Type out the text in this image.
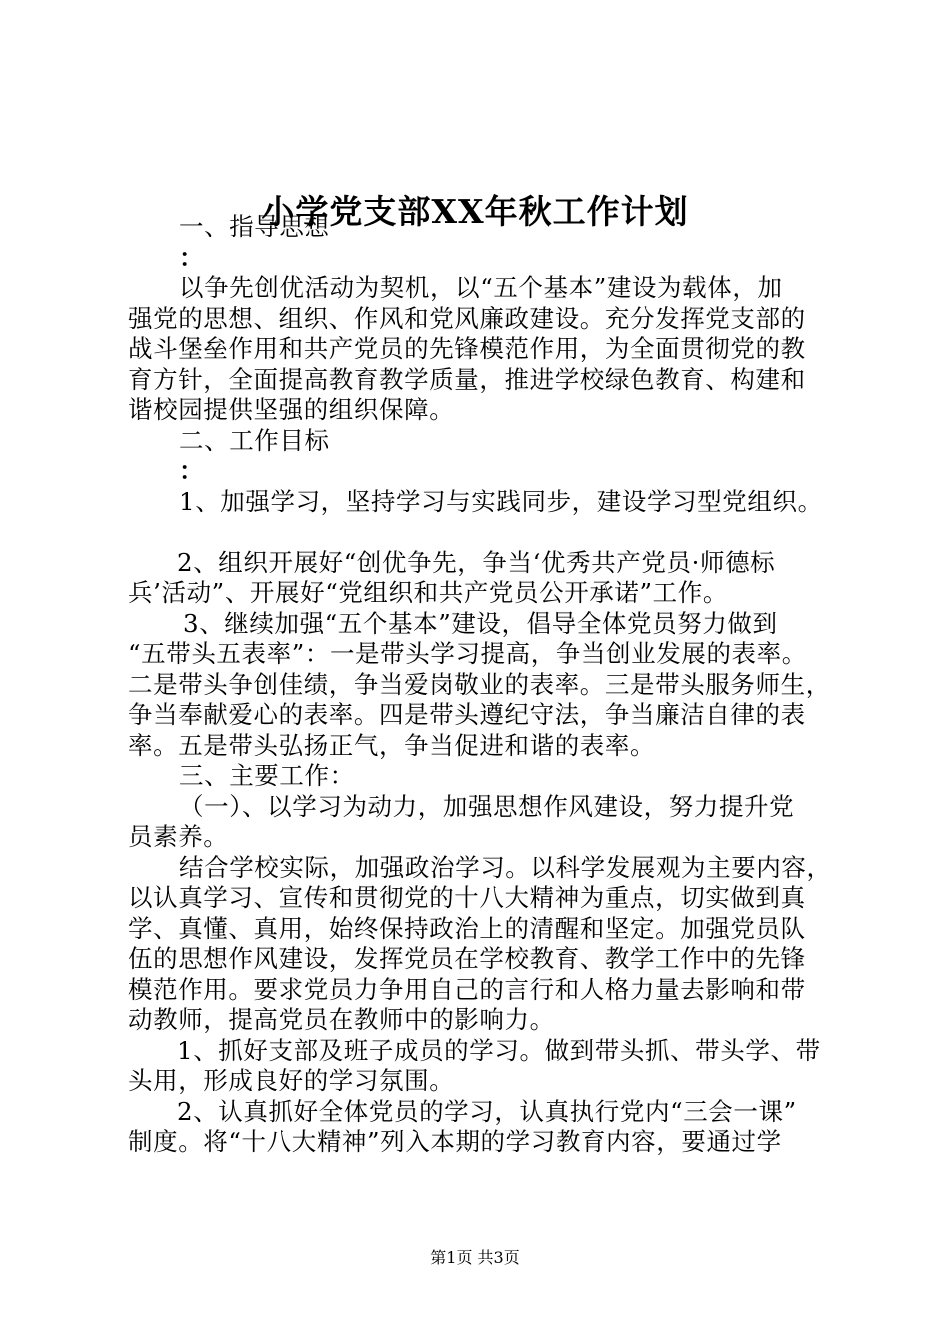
小学党支部XX年秋工作计划
一、指导思想
：
以争先创优活动为契机，以“五个基本”建设为载体，加
强党的思想、组织、作风和党风廉政建设。充分发挥党支部的
战斗堡垒作用和共产党员的先锋模范作用，为全面贯彻党的教
育方针，全面提高教育教学质量，推进学校绿色教育、构建和
谐校园提供坚强的组织保障。
二、工作目标
：
1、加强学习，坚持学习与实践同步，建设学习型党组织。
2、组织开展好“创优争先，争当‘优秀共产党员·师德标
兵’活动”、开展好“党组织和共产党员公开承诺”工作。
3、继续加强“五个基本”建设，倡导全体党员努力做到
“五带头五表率”：一是带头学习提高，争当创业发展的表率。
二是带头争创佳绩，争当爱岗敬业的表率。三是带头服务师生，
争当奉献爱心的表率。四是带头遵纪守法，争当廉洁自律的表
率。五是带头弘扬正气，争当促进和谐的表率。
三、主要工作：
（一）、以学习为动力，加强思想作风建设，努力提升党
员素养。
结合学校实际，加强政治学习。以科学发展观为主要内容，
以认真学习、宣传和贯彻党的十八大精神为重点，切实做到真
学、真懂、真用，始终保持政治上的清醒和坚定。加强党员队
伍的思想作风建设，发挥党员在学校教育、教学工作中的先锋
模范作用。要求党员力争用自己的言行和人格力量去影响和带
动教师，提高党员在教师中的影响力。
1、抓好支部及班子成员的学习。做到带头抓、带头学、带
头用，形成良好的学习氛围。
2、认真抓好全体党员的学习，认真执行党内“三会一课”
制度。将“十八大精神”列入本期的学习教育内容，要通过学
第1页 共3页
